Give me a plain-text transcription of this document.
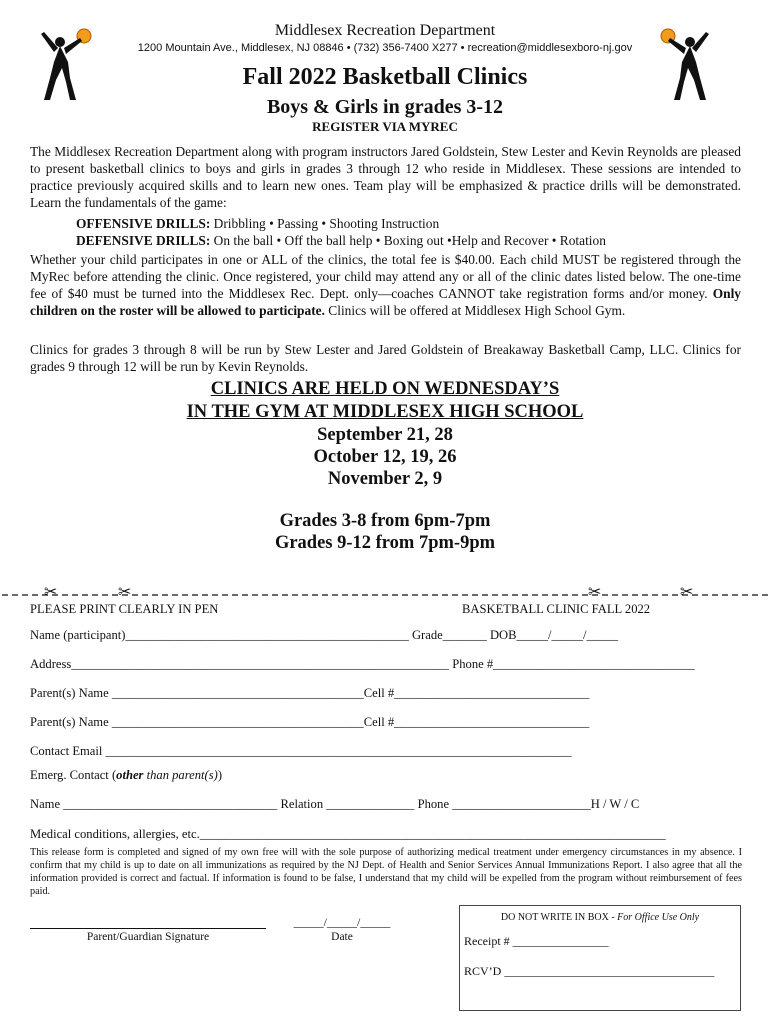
Middlesex Recreation Department
1200 Mountain Ave., Middlesex, NJ 08846 • (732) 356-7400 X277 • recreation@middlesexboro-nj.gov
Fall 2022 Basketball Clinics
Boys & Girls in grades 3-12
REGISTER VIA MYREC
The Middlesex Recreation Department along with program instructors Jared Goldstein, Stew Lester and Kevin Reynolds are pleased to present basketball clinics to boys and girls in grades 3 through 12 who reside in Middlesex. These sessions are intended to practice previously acquired skills and to learn new ones. Team play will be emphasized & practice drills will be demonstrated. Learn the fundamentals of the game:
OFFENSIVE DRILLS: Dribbling • Passing • Shooting Instruction
DEFENSIVE DRILLS: On the ball • Off the ball help • Boxing out •Help and Recover • Rotation
Whether your child participates in one or ALL of the clinics, the total fee is $40.00. Each child MUST be registered through the MyRec before attending the clinic. Once registered, your child may attend any or all of the clinic dates listed below. The one-time fee of $40 must be turned into the Middlesex Rec. Dept. only—coaches CANNOT take registration forms and/or money. Only children on the roster will be allowed to participate. Clinics will be offered at Middlesex High School Gym.
Clinics for grades 3 through 8 will be run by Stew Lester and Jared Goldstein of Breakaway Basketball Camp, LLC. Clinics for grades 9 through 12 will be run by Kevin Reynolds.
CLINICS ARE HELD ON WEDNESDAY’S
IN THE GYM AT MIDDLESEX HIGH SCHOOL
September 21, 28
October 12, 19, 26
November 2, 9
Grades 3-8 from 6pm-7pm
Grades 9-12 from 7pm-9pm
✂	✂	✂	✂
PLEASE PRINT CLEARLY IN PEN	BASKETBALL CLINIC FALL 2022
Name (participant)_____________________________________________ Grade_______ DOB_____/_____/_____
Address____________________________________________________________ Phone #________________________________
Parent(s) Name ________________________________________Cell #_______________________________
Parent(s) Name ________________________________________Cell #_______________________________
Contact Email __________________________________________________________________________
Emerg. Contact (other than parent(s))
Name __________________________________ Relation ______________ Phone ______________________H / W / C
Medical conditions, allergies, etc.__________________________________________________________________________
This release form is completed and signed of my own free will with the sole purpose of authorizing medical treatment under emergency circumstances in my absence. I confirm that my child is up to date on all immunizations as required by the NJ Dept. of Health and Senior Services Annual Immunizations Report. I also agree that all the information provided is correct and factual. If information is found to be false, I understand that my child will be expelled from the program without reimbursement of fees paid.
Parent/Guardian Signature
_____/_____/_____
Date
DO NOT WRITE IN BOX - For Office Use Only
Receipt # ________________
RCV’D ___________________________________
